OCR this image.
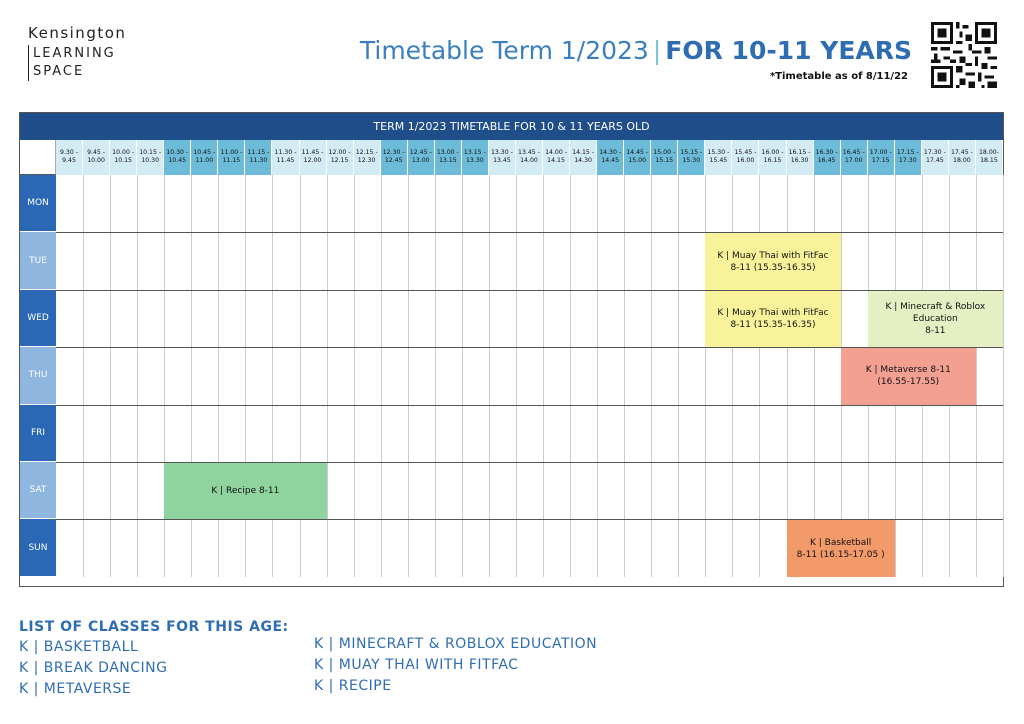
Kensington
LEARNING
SPACE
Timetable Term 1/2023 | FOR 10-11 YEARS
*Timetable as of 8/11/22
TERM 1/2023 TIMETABLE FOR 10 & 11 YEARS OLD
9.30 -
9.45
9.45 -
10.00
10.00 -
10.15
10.15 -
10.30
10.30 -
10.45
10.45 -
11.00
11.00 -
11.15
11.15 -
11.30
11.30 -
11.45
11.45 -
12.00
12.00 -
12.15
12.15 -
12.30
12.30 -
12.45
12.45 -
13.00
13.00 -
13.15
13.15 -
13.30
13.30 -
13.45
13.45 -
14.00
14.00 -
14.15
14.15 -
14.30
14.30 -
14.45
14.45 -
15.00
15.00 -
15.15
15.15 -
15.30
15.30 -
15.45
15.45 -
16.00
16.00 -
16.15
16.15 -
16.30
16.30 -
16.45
16.45 -
17.00
17.00 -
17.15
17.15 -
17.30
17.30 -
17.45
17.45 -
18.00
18.00-
18.15
MON
TUE
WED
THU
FRI
SAT
SUN
K | Muay Thai with FitFac
8-11 (15.35-16.35)
K | Muay Thai with FitFac
8-11 (15.35-16.35)
K | Minecraft & Roblox
Education
8-11
K | Metaverse 8-11
(16.55-17.55)
K | Recipe 8-11
K | Basketball
8-11 (16.15-17.05 )
LIST OF CLASSES FOR THIS AGE:
K | BASKETBALL
K | BREAK DANCING
K | METAVERSE
K | MINECRAFT & ROBLOX EDUCATION
K | MUAY THAI WITH FITFAC
K | RECIPE
